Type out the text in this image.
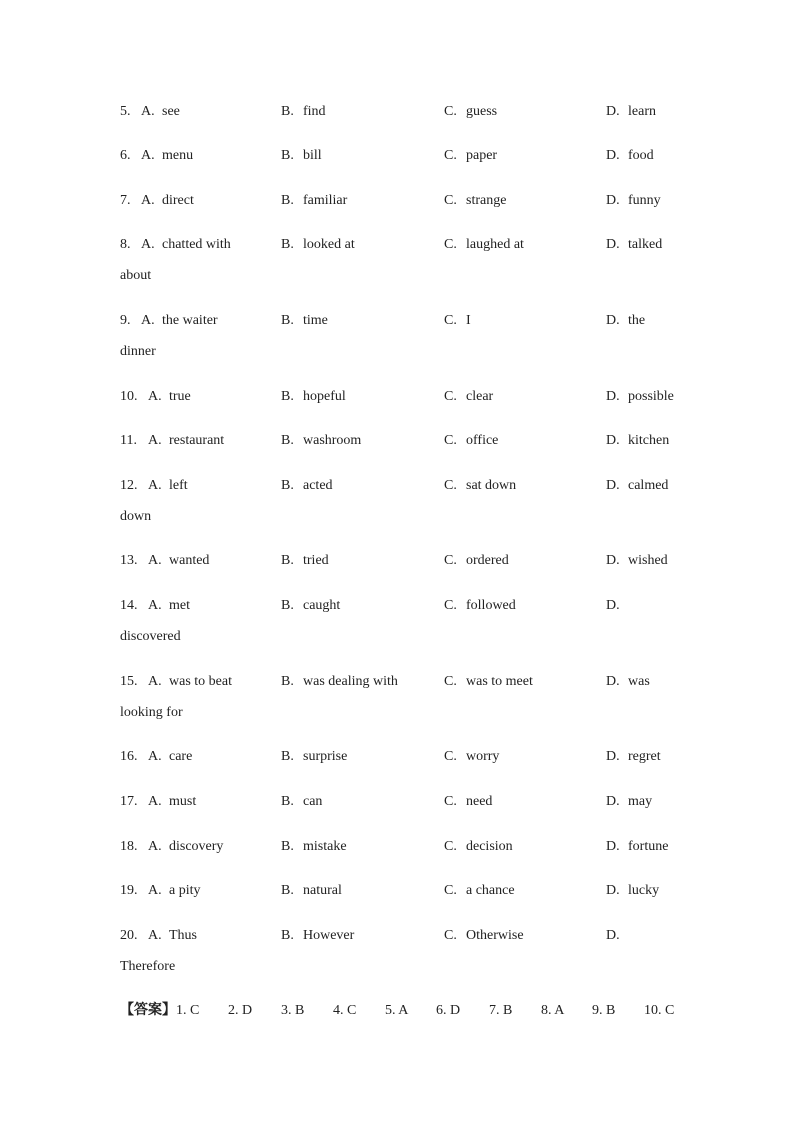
5. A. see	B. find	C. guess	D. learn
6. A. menu	B. bill	C. paper	D. food
7. A. direct	B. familiar	C. strange	D. funny
8. A. chatted with	B. looked at	C. laughed at	D. talked
about
9. A. the waiter	B. time	C. I	D. the
dinner
10. A. true	B. hopeful	C. clear	D. possible
11. A. restaurant	B. washroom	C. office	D. kitchen
12. A. left	B. acted	C. sat down	D. calmed
down
13. A. wanted	B. tried	C. ordered	D. wished
14. A. met	B. caught	C. followed	D.
discovered
15. A. was to beat	B. was dealing with	C. was to meet	D. was
looking for
16. A. care	B. surprise	C. worry	D. regret
17. A. must	B. can	C. need	D. may
18. A. discovery	B. mistake	C. decision	D. fortune
19. A. a pity	B. natural	C. a chance	D. lucky
20. A. Thus	B. However	C. Otherwise	D.
Therefore
【答案】 1. C 2. D 3. B 4. C 5. A 6. D 7. B 8. A 9. B 10. C
